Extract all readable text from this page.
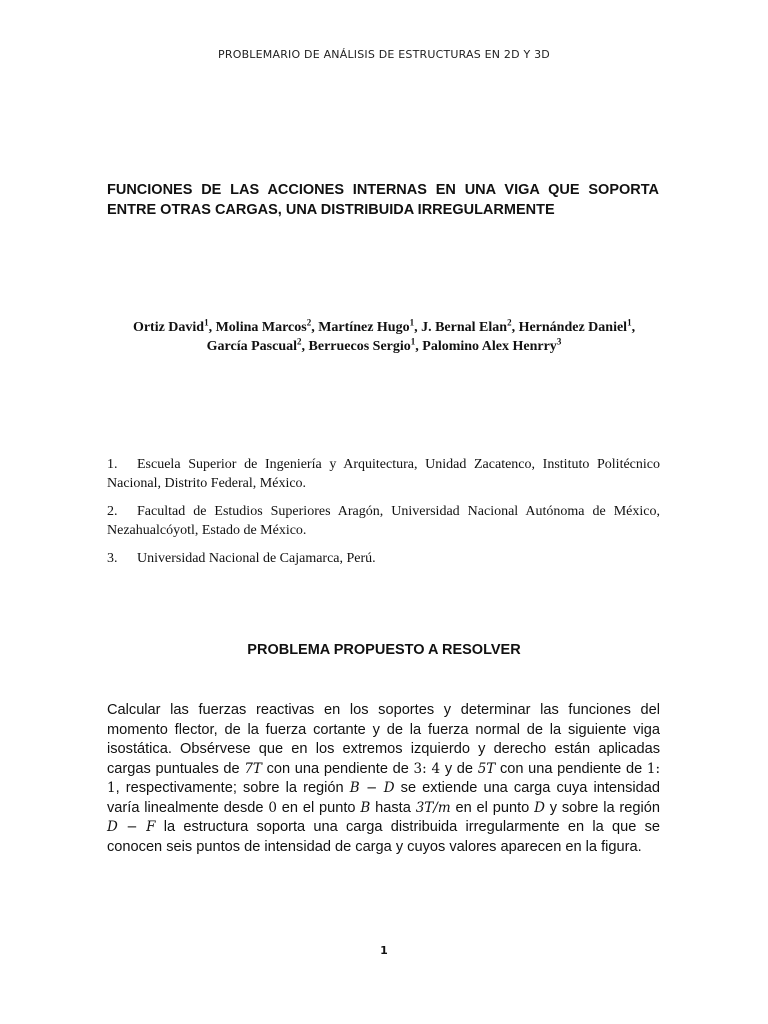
PROBLEMARIO DE ANÁLISIS DE ESTRUCTURAS EN 2D Y 3D
FUNCIONES DE LAS ACCIONES INTERNAS EN UNA VIGA QUE SOPORTA
ENTRE OTRAS CARGAS, UNA DISTRIBUIDA IRREGULARMENTE
Ortiz David$^1$, Molina Marcos$^2$, Martínez Hugo$^1$, J. Bernal Elan$^2$, Hernández Daniel$^1$,
García Pascual$^2$, Berruecos Sergio$^1$, Palomino Alex Henrry$^3$

1. Escuela Superior de Ingeniería y Arquitectura, Unidad Zacatenco, Instituto Politécnico Nacional, Distrito Federal, México.

2. Facultad de Estudios Superiores Aragón, Universidad Nacional Autónoma de México, Nezahualcóyotl, Estado de México.

3. Universidad Nacional de Cajamarca, Perú.

PROBLEMA PROPUESTO A RESOLVER
Calcular las fuerzas reactivas en los soportes y determinar las funciones del momento flector, de la fuerza cortante y de la fuerza normal de la siguiente viga isostática. Obsérvese que en los extremos izquierdo y derecho están aplicadas cargas puntuales de 7T con una pendiente de 3: 4 y de 5T con una pendiente de 1: 1, respectivamente; sobre la región B − D se extiende una carga cuya intensidad varía linealmente desde 0 en el punto B hasta 3T/m en el punto D y sobre la región D − F la estructura soporta una carga distribuida irregularmente en la que se conocen seis puntos de intensidad de carga y cuyos valores aparecen en la figura.
1
